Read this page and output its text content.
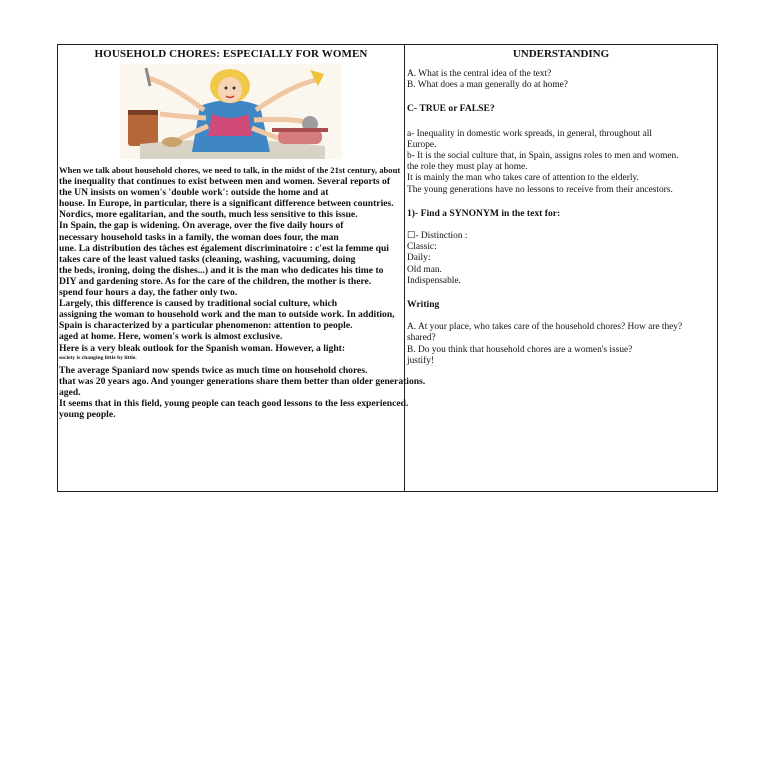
HOUSEHOLD CHORES: ESPECIALLY FOR WOMEN
When we talk about household chores, we need to talk, in the midst of the 21st century, about
the inequality that continues to exist between men and women. Several reports of
the UN insists on women's 'double work': outside the home and at
house. In Europe, in particular, there is a significant difference between countries.
Nordics, more egalitarian, and the south, much less sensitive to this issue.
In Spain, the gap is widening. On average, over the five daily hours of
necessary household tasks in a family, the woman does four, the man
une. La distribution des tâches est également discriminatoire : c'est la femme qui
takes care of the least valued tasks (cleaning, washing, vacuuming, doing
the beds, ironing, doing the dishes...) and it is the man who dedicates his time to
DIY and gardening store. As for the care of the children, the mother is there.
spend four hours a day, the father only two.
Largely, this difference is caused by traditional social culture, which
assigning the woman to household work and the man to outside work. In addition,
Spain is characterized by a particular phenomenon: attention to people.
aged at home. Here, women's work is almost exclusive.
Here is a very bleak outlook for the Spanish woman. However, a light:
society is changing little by little.
The average Spaniard now spends twice as much time on household chores.
that was 20 years ago. And younger generations share them better than older generations.
aged.
It seems that in this field, young people can teach good lessons to the less experienced.
young people.
UNDERSTANDING
A. What is the central idea of the text?
B. What does a man generally do at home?
C- TRUE or FALSE?
a- Inequality in domestic work spreads, in general, throughout all
Europe.
b- It is the social culture that, in Spain, assigns roles to men and women.
the role they must play at home.
It is mainly the man who takes care of attention to the elderly.
The young generations have no lessons to receive from their ancestors.
1)- Find a SYNONYM in the text for:
☐- Distinction :
Classic:
Daily:
Old man.
Indispensable.
Writing
A. At your place, who takes care of the household chores? How are they?
shared?
B. Do you think that household chores are a women's issue?
justify!
